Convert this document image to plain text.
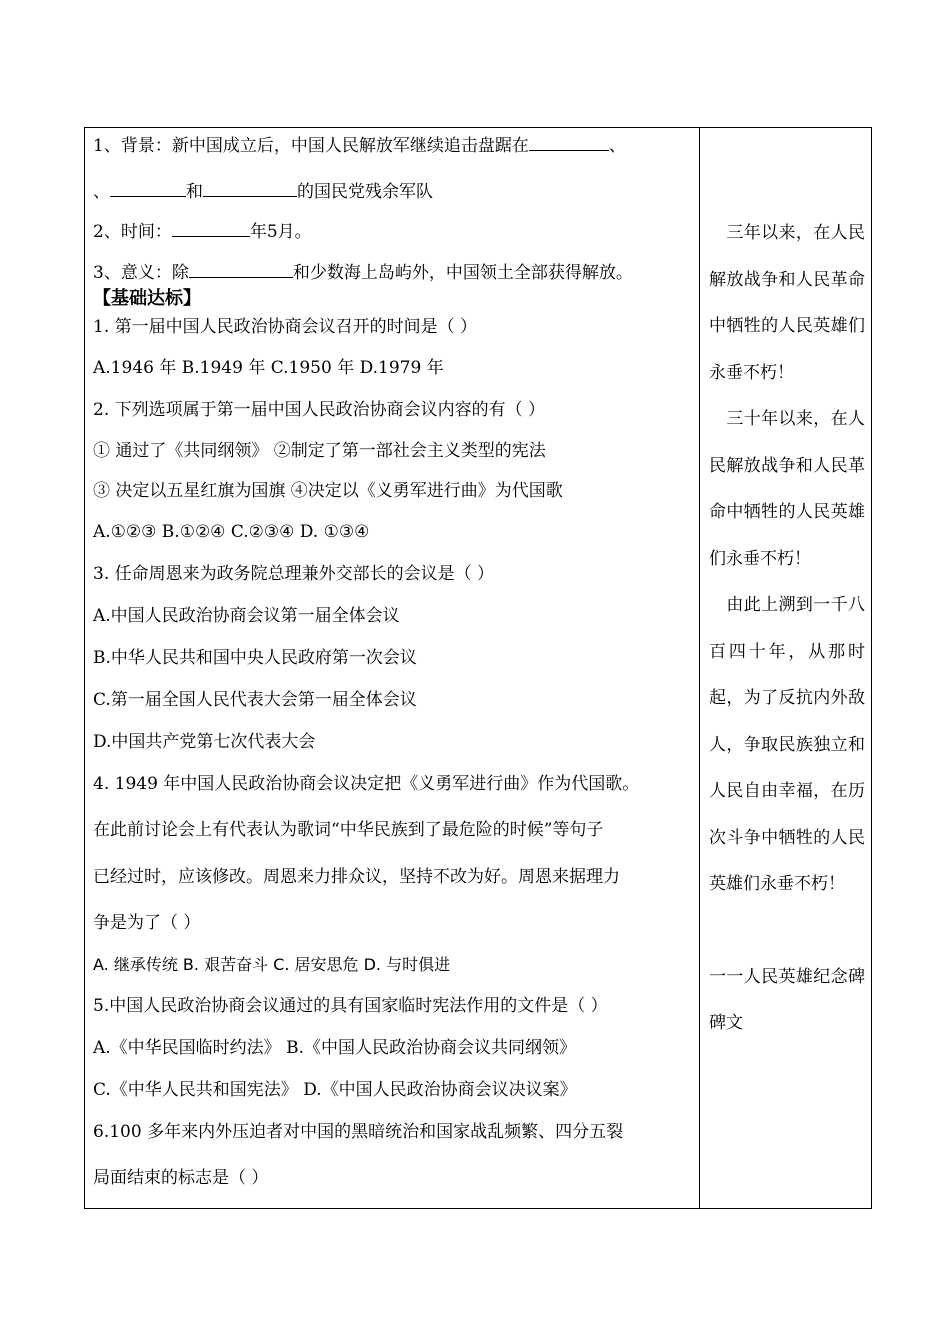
1、背景：新中国成立后，中国人民解放军继续追击盘踞在	、
、	和	的国民党残余军队
2、时间：	年5月。
3、意义：除	和少数海上岛屿外，中国领土全部获得解放。
【基础达标】
1. 第一届中国人民政治协商会议召开的时间是（ ）
A.1946 年 B.1949 年 C.1950 年 D.1979 年
2. 下列选项属于第一届中国人民政治协商会议内容的有（ ）
① 通过了《共同纲领》 ②制定了第一部社会主义类型的宪法
③ 决定以五星红旗为国旗 ④决定以《义勇军进行曲》为代国歌
A.①②③ B.①②④ C.②③④ D. ①③④
3. 任命周恩来为政务院总理兼外交部长的会议是（ ）
A.中国人民政治协商会议第一届全体会议
B.中华人民共和国中央人民政府第一次会议
C.第一届全国人民代表大会第一届全体会议
D.中国共产党第七次代表大会
4. 1949 年中国人民政治协商会议决定把《义勇军进行曲》作为代国歌。
在此前讨论会上有代表认为歌词“中华民族到了最危险的时候”等句子
已经过时，应该修改。周恩来力排众议，坚持不改为好。周恩来据理力
争是为了（ ）
A. 继承传统 B. 艰苦奋斗 C. 居安思危 D. 与时俱进
5.中国人民政治协商会议通过的具有国家临时宪法作用的文件是（ ）
A.《中华民国临时约法》 B.《中国人民政治协商会议共同纲领》
C.《中华人民共和国宪法》 D.《中国人民政治协商会议决议案》
6.100 多年来内外压迫者对中国的黑暗统治和国家战乱频繁、四分五裂
局面结束的标志是（ ）

　三年以来，在人民解放战争和人民革命中牺牲的人民英雄们永垂不朽！

　三十年以来，在人民解放战争和人民革命中牺牲的人民英雄们永垂不朽！

　由此上溯到一千八百四十年，从那时起，为了反抗内外敌人，争取民族独立和人民自由幸福，在历次斗争中牺牲的人民英雄们永垂不朽！

一一人民英雄纪念碑碑文
